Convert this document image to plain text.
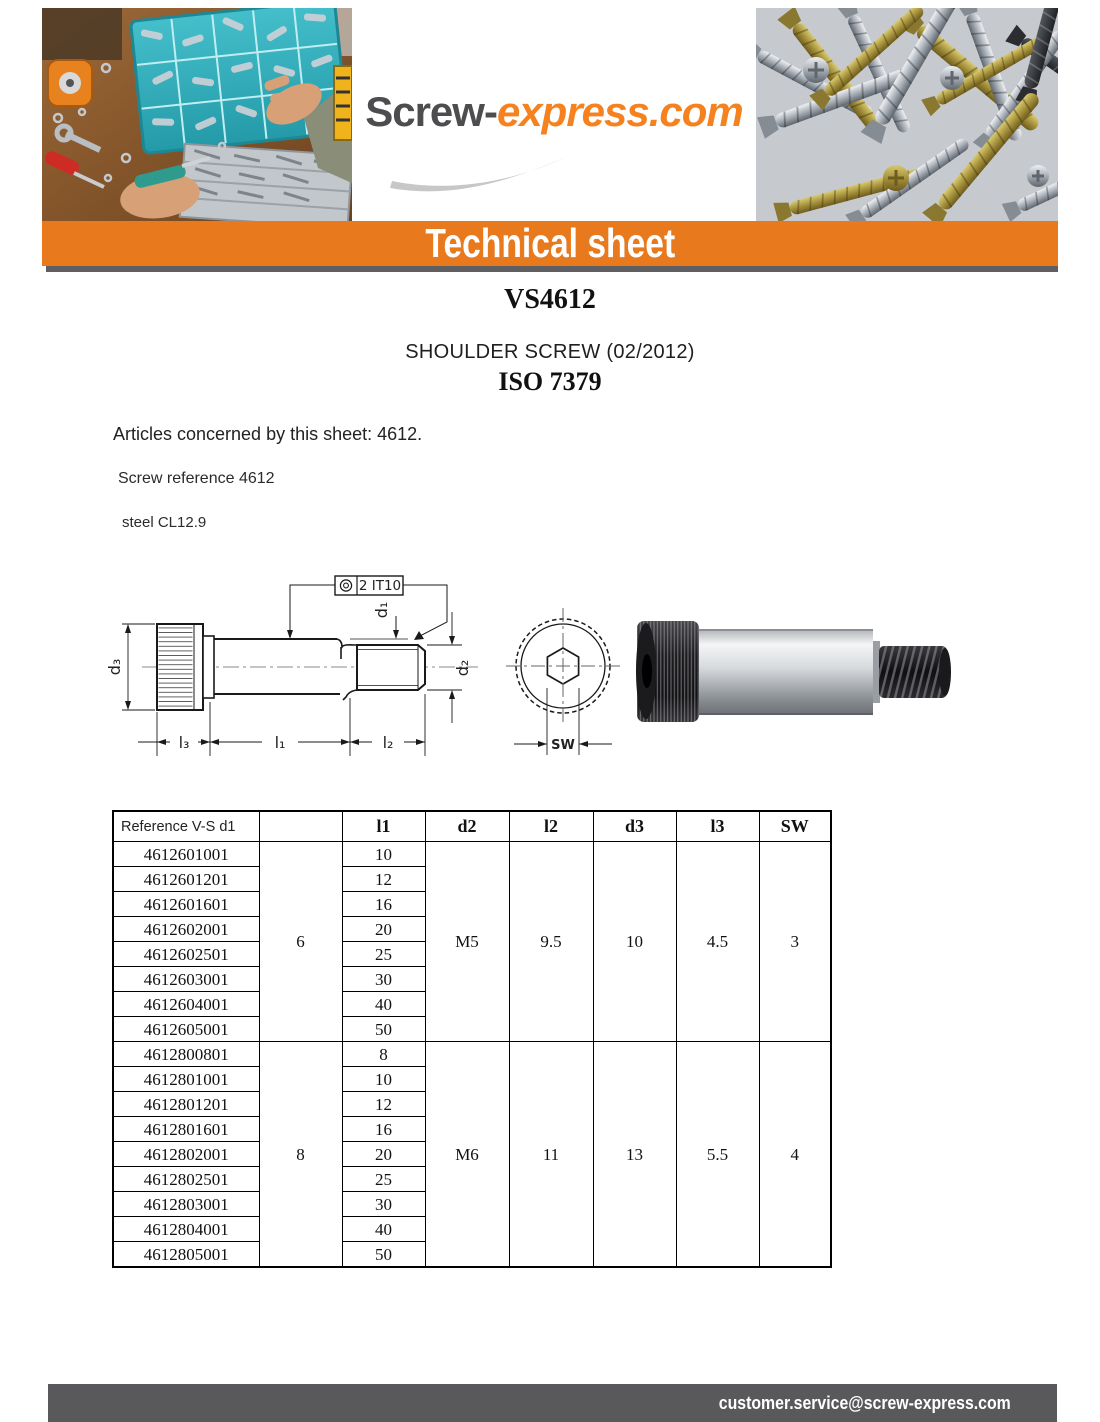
Screw-express.com
Technical sheet
VS4612
SHOULDER SCREW (02/2012)
ISO 7379
Articles concerned by this sheet: 4612.
Screw reference 4612
steel CL12.9
d₃
d₁
d₂
l₃	l₁	l₂
2 IT10
SW
Reference V-S d1		l1	d2	l2	d3	l3	SW
4612601001	6	10	M5	9.5	10	4.5	3
4612601201		12					
4612601601		16					
4612602001		20					
4612602501		25					
4612603001		30					
4612604001		40					
4612605001		50					
4612800801	8	8	M6	11	13	5.5	4
4612801001		10					
4612801201		12					
4612801601		16					
4612802001		20					
4612802501		25					
4612803001		30					
4612804001		40					
4612805001		50					
customer.service@screw-express.com
